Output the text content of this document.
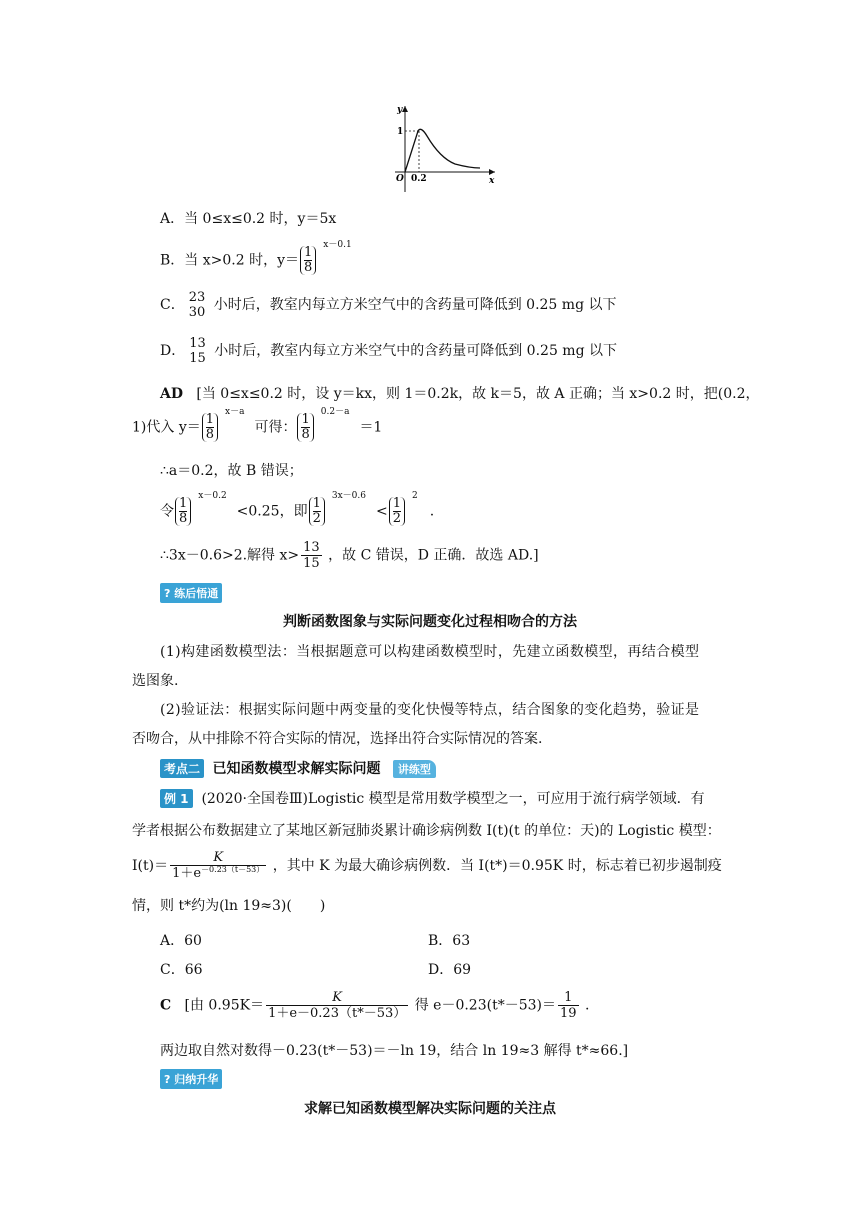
y
1
O 0.2	x
A．当 0≤x≤0.2 时，y＝5x
B．当 x>0.2 时，$y= \frac{1}{8}$
$^{x-0.1}$
C． 23
30 小时后，教室内每立方米空气中的含药量可降低到 0.25 mg 以下
D． 13
15 小时后，教室内每立方米空气中的含药量可降低到 0.25 mg 以下
AD [当 0≤x≤0.2 时，设 y＝kx，则 1＝0.2k，故 k＝5，故 A 正确；当 x>0.2 时，把(0.2，
1)代入 $y= \frac{1}{8}$
$^{x-a}$可得： $\frac{1}{8}$
$^{0.2-a}$＝1
∴a＝0.2，故 B 错误；
令 $\frac{1}{8}$
$^{x-0.2}$<0.25，即 $\frac{1}{2}$
$^{3x-0.6}< \frac{1}{2}$
$^2$.
∴3x－0.6>2.解得 $x> \frac{13}{15}$ ，故 C 错误，D 正确．故选 AD.]
? 练后悟通
判断函数图象与实际问题变化过程相吻合的方法
(1)构建函数模型法：当根据题意可以构建函数模型时，先建立函数模型，再结合模型
选图象.
(2)验证法：根据实际问题中两变量的变化快慢等特点，结合图象的变化趋势，验证是
否吻合，从中排除不符合实际的情况，选择出符合实际情况的答案.
考点二 已知函数模型求解实际问题 讲练型
例 1 (2020·全国卷Ⅲ)Logistic 模型是常用数学模型之一，可应用于流行病学领域．有
学者根据公布数据建立了某地区新冠肺炎累计确诊病例数 I(t)(t 的单位：天)的 Logistic 模型：
$I(t)= \frac{K}{1+e^{-0.23(t-53)}}$ ，其中 K 为最大确诊病例数．当 I(t*)＝0.95K 时，标志着已初步遏制疫
情，则 t*约为(ln 19≈3)(　　)
A．60	B．63
C．66	D．69
C [由 $0.95K= \frac{K}{1+e-0.23(t*-53)}$ 得 $e-0.23(t*-53)= \frac{1}{19}$ .
两边取自然对数得－0.23(t*－53)＝－ln 19，结合 ln 19≈3 解得 t*≈66.]
? 归纳升华
求解已知函数模型解决实际问题的关注点
